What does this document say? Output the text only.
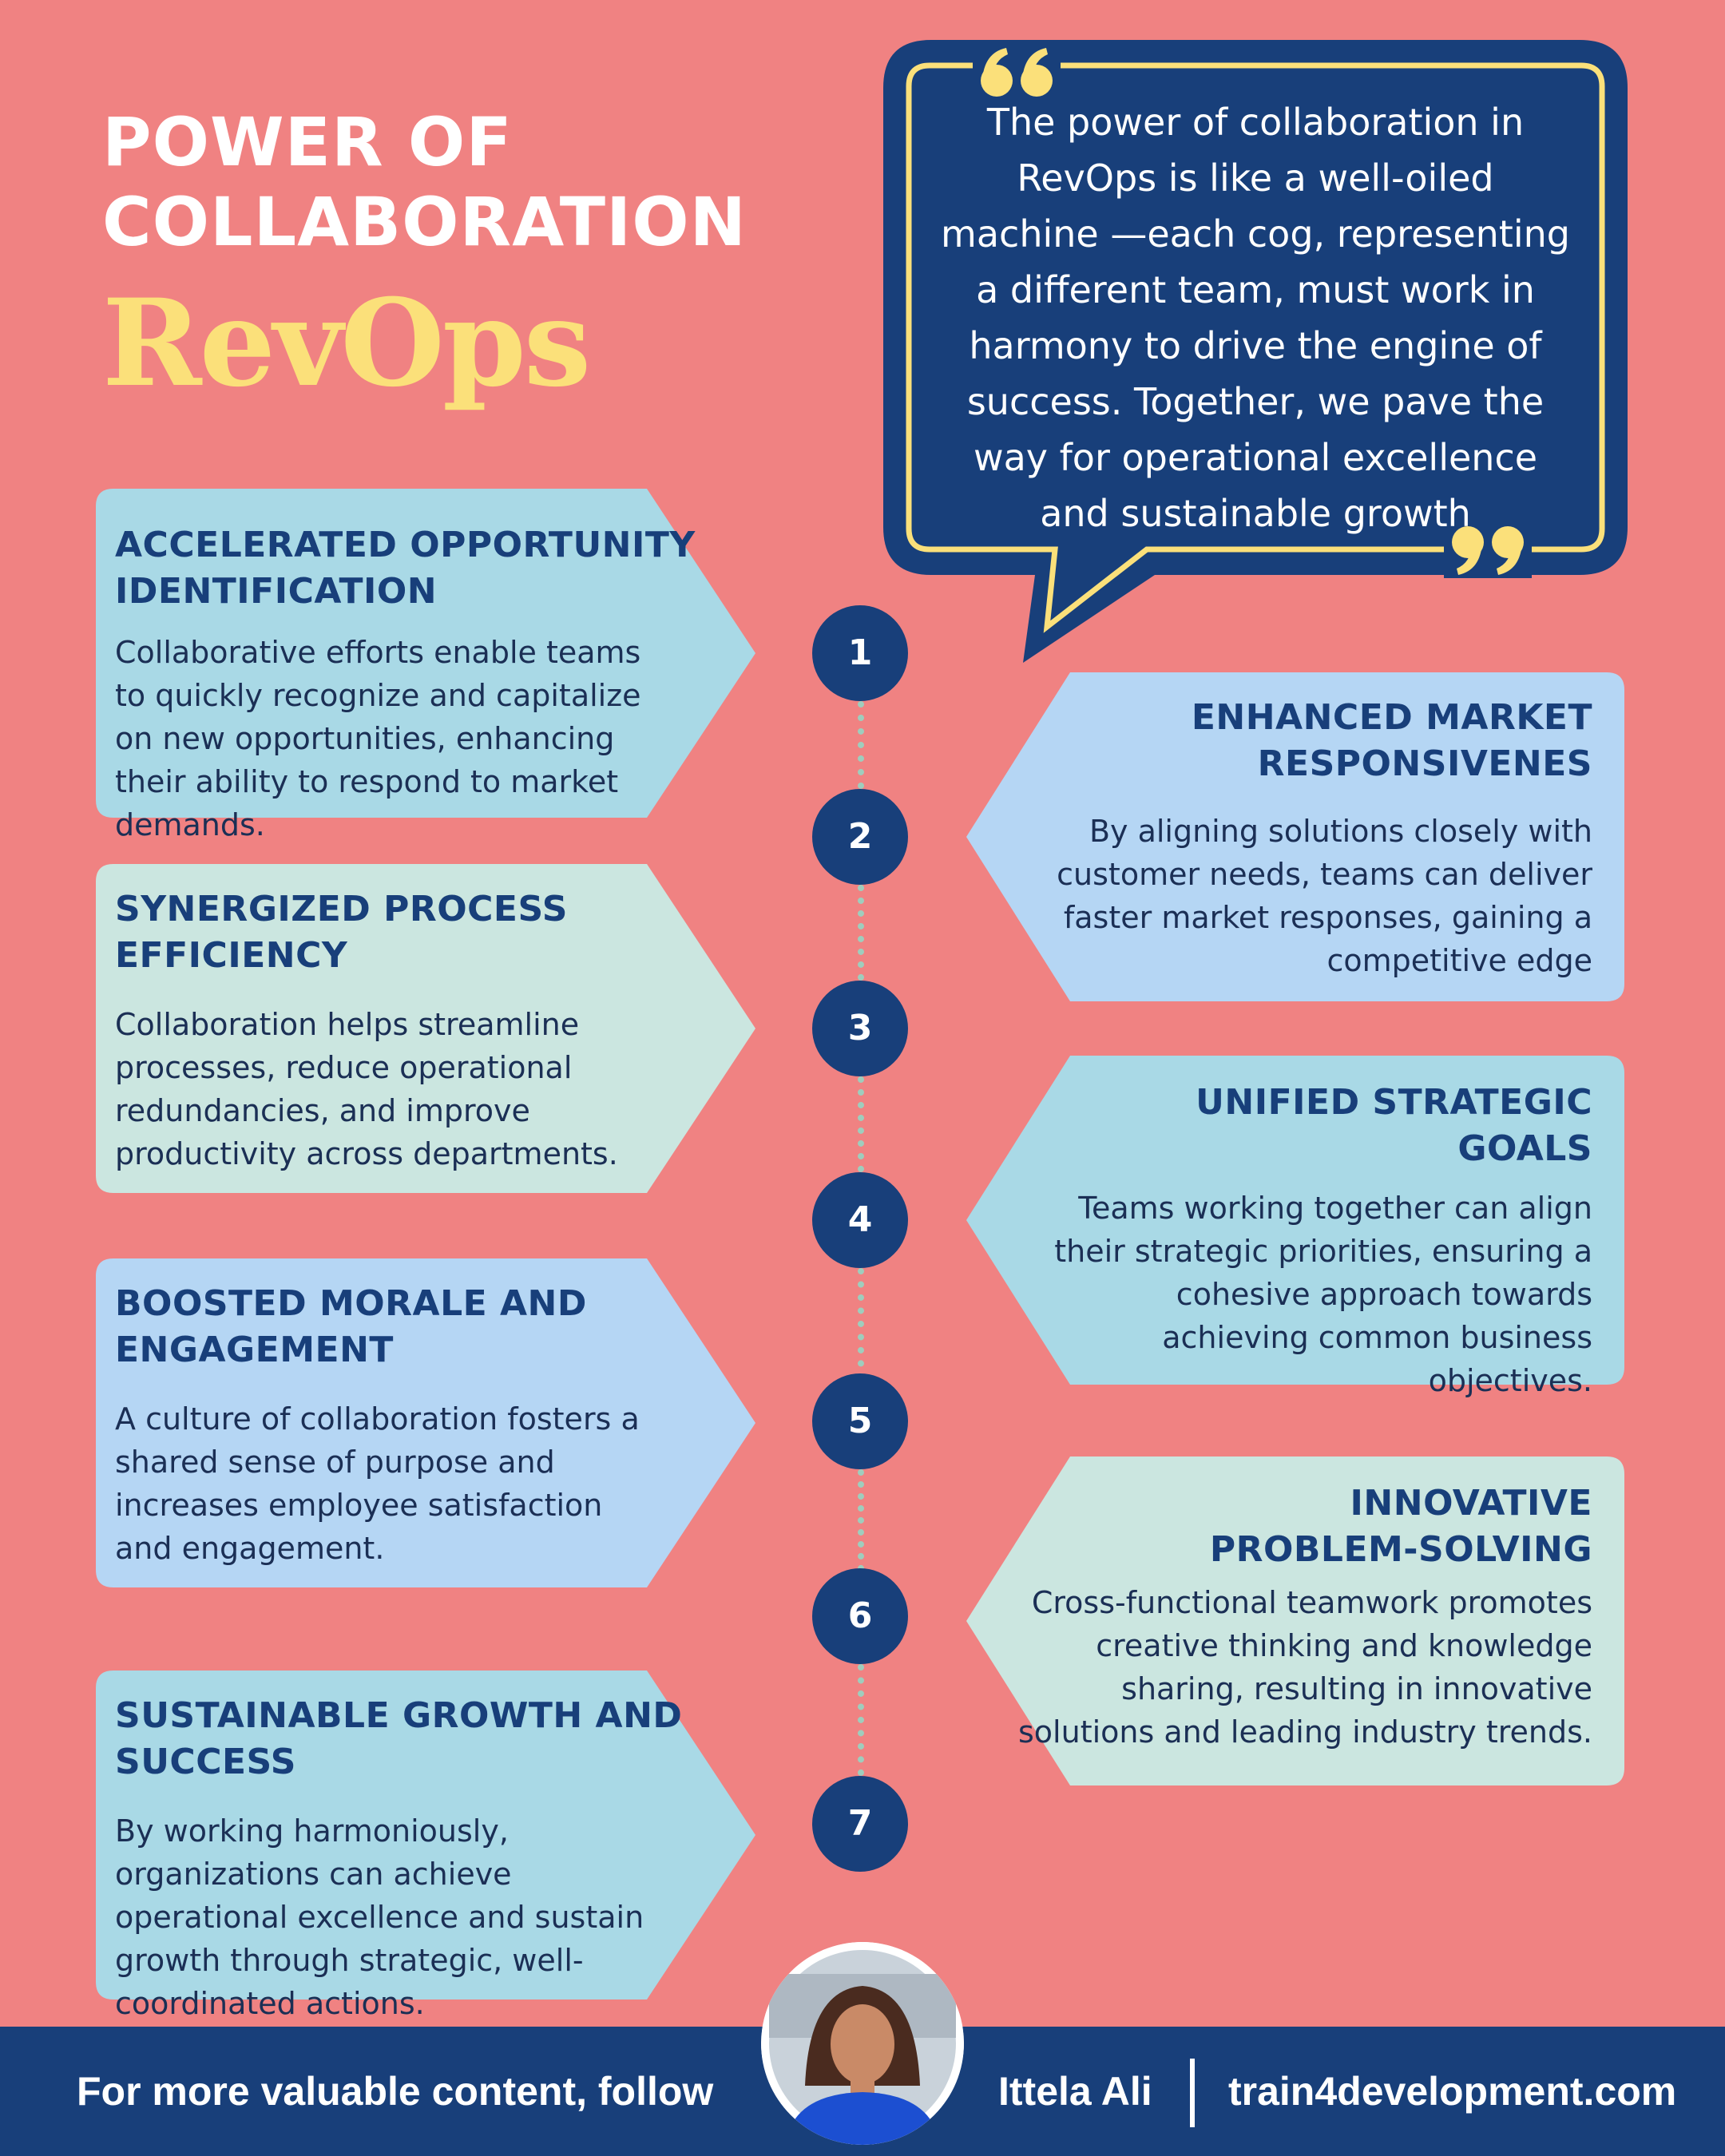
POWER OF
COLLABORATION
RevOps
The power of collaboration in RevOps is like a well-oiled machine —each cog, representing a different team, must work in harmony to drive the engine of success. Together, we pave the way for operational excellence and sustainable growth
1
2
3
4
5
6
7
ACCELERATED OPPORTUNITY
IDENTIFICATION

Collaborative efforts enable teams to quickly recognize and capitalize on new opportunities, enhancing their ability to respond to market demands.

ENHANCED MARKET
RESPONSIVENES

By aligning solutions closely with customer needs, teams can deliver faster market responses, gaining a competitive edge

SYNERGIZED PROCESS
EFFICIENCY

Collaboration helps streamline processes, reduce operational redundancies, and improve productivity across departments.

UNIFIED STRATEGIC
GOALS

Teams working together can align their strategic priorities, ensuring a cohesive approach towards achieving common business objectives.

BOOSTED MORALE AND
ENGAGEMENT

A culture of collaboration fosters a shared sense of purpose and increases employee satisfaction and engagement.

INNOVATIVE
PROBLEM-SOLVING

Cross-functional teamwork promotes creative thinking and knowledge sharing, resulting in innovative solutions and leading industry trends.

SUSTAINABLE GROWTH AND
SUCCESS

By working harmoniously, organizations can achieve operational excellence and sustain growth through strategic, well-coordinated actions.

For more valuable content, follow	Ittela Ali train4development.com
